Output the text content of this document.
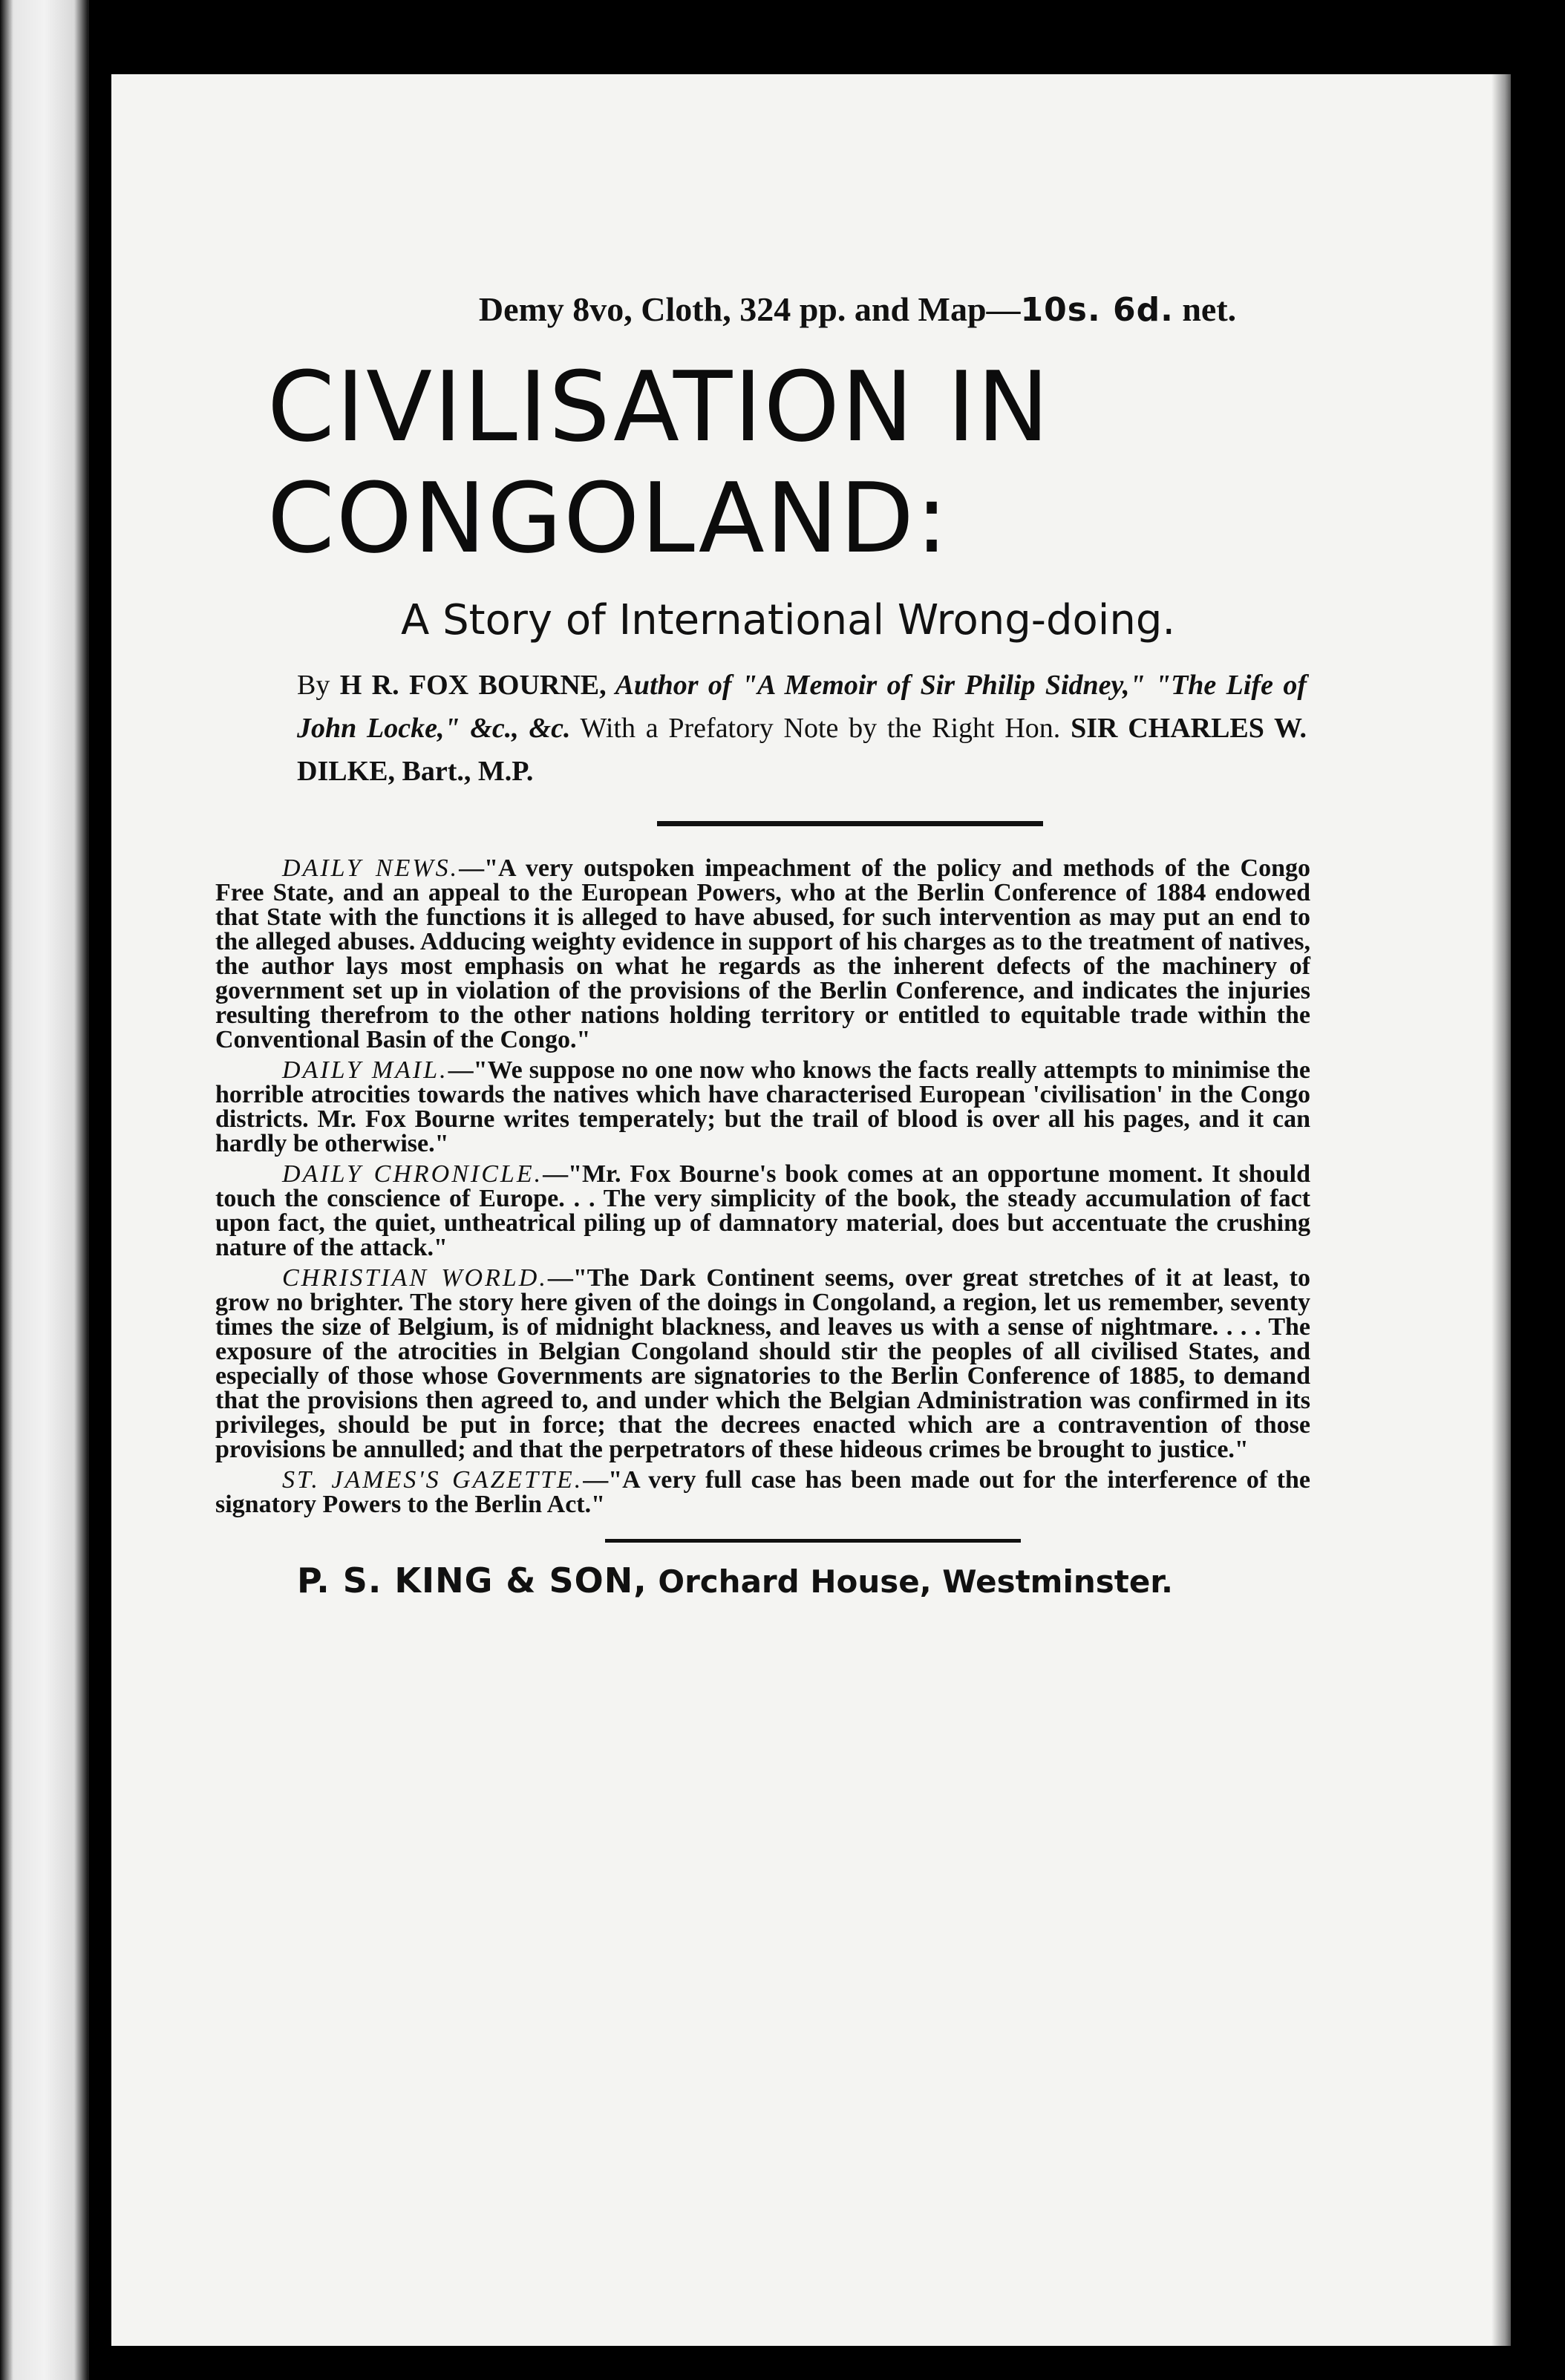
Demy 8vo, Cloth, 324 pp. and Map—10s. 6d. net.
CIVILISATION IN
CONGOLAND:
A Story of International Wrong-doing.
By H R. FOX BOURNE, Author of "A Memoir of Sir Philip Sidney," "The Life of John Locke," &c., &c. With a Prefatory Note by the Right Hon. SIR CHARLES W. DILKE, Bart., M.P.

DAILY NEWS.—"A very outspoken impeachment of the policy and methods of the Congo Free State, and an appeal to the European Powers, who at the Berlin Conference of 1884 endowed that State with the functions it is alleged to have abused, for such intervention as may put an end to the alleged abuses. Adducing weighty evidence in support of his charges as to the treatment of natives, the author lays most emphasis on what he regards as the inherent defects of the machinery of government set up in violation of the provisions of the Berlin Conference, and indicates the injuries resulting therefrom to the other nations holding territory or entitled to equitable trade within the Conventional Basin of the Congo."

DAILY MAIL.—"We suppose no one now who knows the facts really attempts to minimise the horrible atrocities towards the natives which have characterised European 'civilisation' in the Congo districts. Mr. Fox Bourne writes temperately; but the trail of blood is over all his pages, and it can hardly be otherwise."

DAILY CHRONICLE.—"Mr. Fox Bourne's book comes at an opportune moment. It should touch the conscience of Europe. . . The very simplicity of the book, the steady accumulation of fact upon fact, the quiet, untheatrical piling up of damnatory material, does but accentuate the crushing nature of the attack."

CHRISTIAN WORLD.—"The Dark Continent seems, over great stretches of it at least, to grow no brighter. The story here given of the doings in Congoland, a region, let us remember, seventy times the size of Belgium, is of midnight blackness, and leaves us with a sense of nightmare. . . . The exposure of the atrocities in Belgian Congoland should stir the peoples of all civilised States, and especially of those whose Governments are signatories to the Berlin Conference of 1885, to demand that the provisions then agreed to, and under which the Belgian Administration was confirmed in its privileges, should be put in force; that the decrees enacted which are a contravention of those provisions be annulled; and that the perpetrators of these hideous crimes be brought to justice."

ST. JAMES'S GAZETTE.—"A very full case has been made out for the interference of the signatory Powers to the Berlin Act."

P. S. KING & SON, Orchard House, Westminster.
